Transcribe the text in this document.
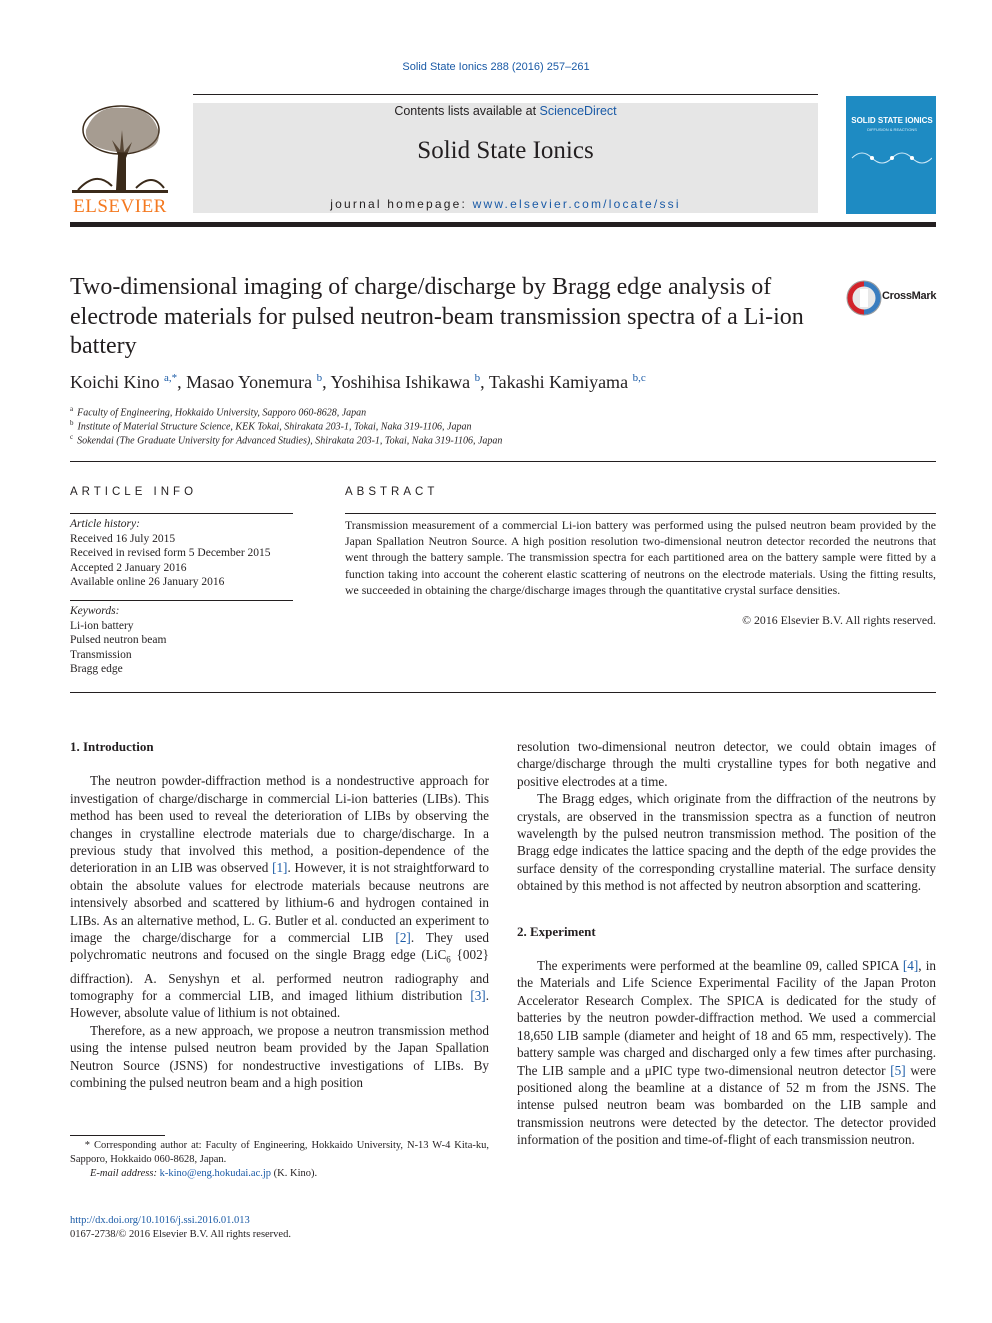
Solid State Ionics 288 (2016) 257–261
ELSEVIER
Contents lists available at ScienceDirect
Solid State Ionics
journal homepage: www.elsevier.com/locate/ssi
SOLID STATE IONICS
DIFFUSION & REACTIONS
Two-dimensional imaging of charge/discharge by Bragg edge analysis of electrode materials for pulsed neutron-beam transmission spectra of a Li-ion battery
CrossMark
Koichi Kino $^{a,*}$, Masao Yonemura $^b$, Yoshihisa Ishikawa $^b$, Takashi Kamiyama $^{b,c}$
$^a$ Faculty of Engineering, Hokkaido University, Sapporo 060-8628, Japan
$^b$ Institute of Material Structure Science, KEK Tokai, Shirakata 203-1, Tokai, Naka 319-1106, Japan
$^c$ Sokendai (The Graduate University for Advanced Studies), Shirakata 203-1, Tokai, Naka 319-1106, Japan
ARTICLE INFO
Article history:
Received 16 July 2015
Received in revised form 5 December 2015
Accepted 2 January 2016
Available online 26 January 2016
Keywords:
Li-ion battery
Pulsed neutron beam
Transmission
Bragg edge
ABSTRACT
Transmission measurement of a commercial Li-ion battery was performed using the pulsed neutron beam provided by the Japan Spallation Neutron Source. A high position resolution two-dimensional neutron detector recorded the neutrons that went through the battery sample. The transmission spectra for each partitioned area on the battery sample were fitted by a function taking into account the coherent elastic scattering of neutrons on the electrode materials. Using the fitting results, we succeeded in obtaining the charge/discharge images through the quantitative crystal surface densities.
© 2016 Elsevier B.V. All rights reserved.
1. Introduction

The neutron powder-diffraction method is a nondestructive approach for investigation of charge/discharge in commercial Li-ion batteries (LIBs). This method has been used to reveal the deterioration of LIBs by observing the changes in crystalline electrode materials due to charge/discharge. In a previous study that involved this method, a position-dependence of the deterioration in an LIB was observed [1]. However, it is not straightforward to obtain the absolute values for electrode materials because neutrons are intensively absorbed and scattered by lithium-6 and hydrogen contained in LIBs. As an alternative method, L. G. Butler et al. conducted an experiment to image the charge/discharge for a commercial LIB [2]. They used polychromatic neutrons and focused on the single Bragg edge (LiC$_6$ {002} diffraction). A. Senyshyn et al. performed neutron radiography and tomography for a commercial LIB, and imaged lithium distribution [3]. However, absolute value of lithium is not obtained.

Therefore, as a new approach, we propose a neutron transmission method using the intense pulsed neutron beam provided by the Japan Spallation Neutron Source (JSNS) for nondestructive investigations of LIBs. By combining the pulsed neutron beam and a high position

resolution two-dimensional neutron detector, we could obtain images of charge/discharge through the multi crystalline types for both negative and positive electrodes at a time.

The Bragg edges, which originate from the diffraction of the neutrons by crystals, are observed in the transmission spectra as a function of neutron wavelength by the pulsed neutron transmission method. The position of the Bragg edge indicates the lattice spacing and the depth of the edge provides the surface density of the corresponding crystalline material. The surface density obtained by this method is not affected by neutron absorption and scattering.

2. Experiment

The experiments were performed at the beamline 09, called SPICA [4], in the Materials and Life Science Experimental Facility of the Japan Proton Accelerator Research Complex. The SPICA is dedicated for the study of batteries by the neutron powder-diffraction method. We used a commercial 18,650 LIB sample (diameter and height of 18 and 65 mm, respectively). The battery sample was charged and discharged only a few times after purchasing. The LIB sample and a μPIC type two-dimensional neutron detector [5] were positioned along the beamline at a distance of 52 m from the JSNS. The intense pulsed neutron beam was bombarded on the LIB sample and transmission neutrons were detected by the detector. The detector provided information of the position and time-of-flight of each transmission neutron.

* Corresponding author at: Faculty of Engineering, Hokkaido University, N-13 W-4 Kita-ku, Sapporo, Hokkaido 060-8628, Japan.
E-mail address: k-kino@eng.hokudai.ac.jp (K. Kino).
http://dx.doi.org/10.1016/j.ssi.2016.01.013
0167-2738/© 2016 Elsevier B.V. All rights reserved.
